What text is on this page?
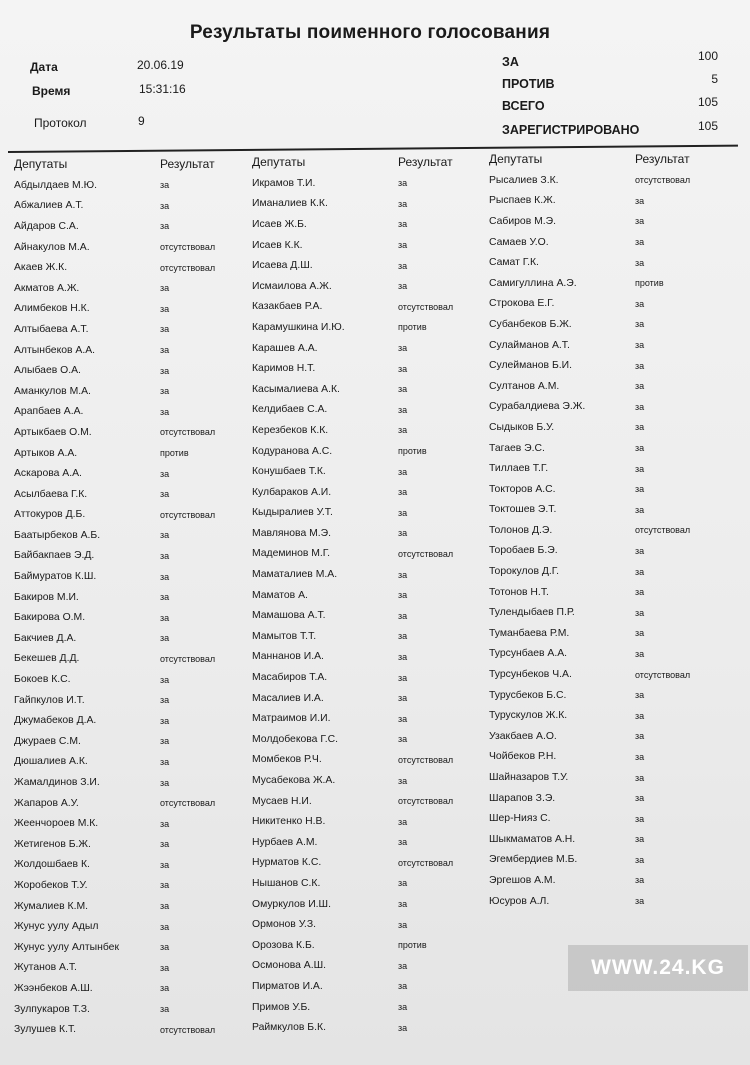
Результаты поименного голосования
Дата	20.06.19
Время	15:31:16
Протокол	9
ЗА	100
ПРОТИВ	5
ВСЕГО	105
ЗАРЕГИСТРИРОВАНО	105
Депутаты	Результат
Абдылдаев М.Ю.	за
Абжалиев А.Т.	за
Айдаров С.А.	за
Айнакулов М.А.	отсутствовал
Акаев Ж.К.	отсутствовал
Акматов А.Ж.	за
Алимбеков Н.К.	за
Алтыбаева А.Т.	за
Алтынбеков А.А.	за
Алыбаев О.А.	за
Аманкулов М.А.	за
Арапбаев А.А.	за
Артыкбаев О.М.	отсутствовал
Артыков А.А.	против
Аскарова А.А.	за
Асылбаева Г.К.	за
Аттокуров Д.Б.	отсутствовал
Баатырбеков А.Б.	за
Байбакпаев Э.Д.	за
Баймуратов К.Ш.	за
Бакиров М.И.	за
Бакирова О.М.	за
Бакчиев Д.А.	за
Бекешев Д.Д.	отсутствовал
Бокоев К.С.	за
Гайпкулов И.Т.	за
Джумабеков Д.А.	за
Джураев С.М.	за
Дюшалиев А.К.	за
Жамалдинов З.И.	за
Жапаров А.У.	отсутствовал
Жеенчороев М.К.	за
Жетигенов Б.Ж.	за
Жолдошбаев К.	за
Жоробеков Т.У.	за
Жумалиев К.М.	за
Жунус уулу Адыл	за
Жунус уулу Алтынбек	за
Жутанов А.Т.	за
Жээнбеков А.Ш.	за
Зулпукаров Т.З.	за
Зулушев К.Т.	отсутствовал
Депутаты	Результат
Икрамов Т.И.	за
Иманалиев К.К.	за
Исаев Ж.Б.	за
Исаев К.К.	за
Исаева Д.Ш.	за
Исмаилова А.Ж.	за
Казакбаев Р.А.	отсутствовал
Карамушкина И.Ю.	против
Карашев А.А.	за
Каримов Н.Т.	за
Касымалиева А.К.	за
Келдибаев С.А.	за
Керезбеков К.К.	за
Кодуранова А.С.	против
Конушбаев Т.К.	за
Кулбараков А.И.	за
Кыдыралиев У.Т.	за
Мавлянова М.Э.	за
Мадеминов М.Г.	отсутствовал
Маматалиев М.А.	за
Маматов А.	за
Мамашова А.Т.	за
Мамытов Т.Т.	за
Маннанов И.А.	за
Масабиров Т.А.	за
Масалиев И.А.	за
Матраимов И.И.	за
Молдобекова Г.С.	за
Момбеков Р.Ч.	отсутствовал
Мусабекова Ж.А.	за
Мусаев Н.И.	отсутствовал
Никитенко Н.В.	за
Нурбаев А.М.	за
Нурматов К.С.	отсутствовал
Нышанов С.К.	за
Омуркулов И.Ш.	за
Ормонов У.З.	за
Орозова К.Б.	против
Осмонова А.Ш.	за
Пирматов И.А.	за
Примов У.Б.	за
Раймкулов Б.К.	за
Депутаты	Результат
Рысалиев З.К.	отсутствовал
Рыспаев К.Ж.	за
Сабиров М.Э.	за
Самаев У.О.	за
Самат Г.К.	за
Самигуллина А.Э.	против
Строкова Е.Г.	за
Субанбеков Б.Ж.	за
Сулайманов А.Т.	за
Сулейманов Б.И.	за
Султанов А.М.	за
Сурабалдиева Э.Ж.	за
Сыдыков Б.У.	за
Тагаев Э.С.	за
Тиллаев Т.Г.	за
Токторов А.С.	за
Токтошев Э.Т.	за
Толонов Д.Э.	отсутствовал
Торобаев Б.Э.	за
Торокулов Д.Г.	за
Тотонов Н.Т.	за
Тулендыбаев П.Р.	за
Туманбаева Р.М.	за
Турсунбаев А.А.	за
Турсунбеков Ч.А.	отсутствовал
Турусбеков Б.С.	за
Турускулов Ж.К.	за
Узакбаев А.О.	за
Чойбеков Р.Н.	за
Шайназаров Т.У.	за
Шарапов З.Э.	за
Шер-Нияз С.	за
Шыкмаматов А.Н.	за
Эгембердиев М.Б.	за
Эргешов А.М.	за
Юсуров А.Л.	за
WWW.24.KG
